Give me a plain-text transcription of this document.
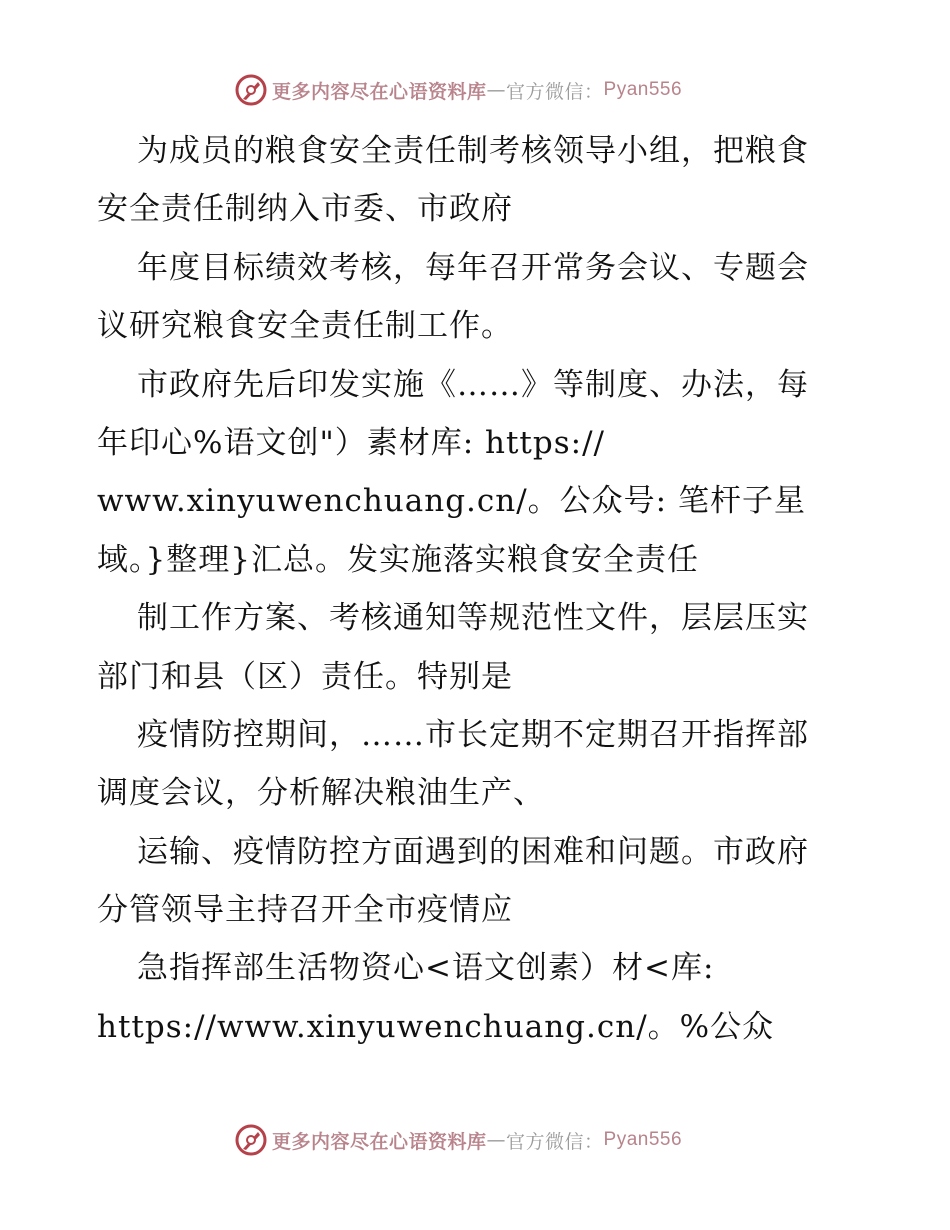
更多内容尽在心语资料库 — 官方微信： Pyan556
为成员的粮食安全责任制考核领导小组，把粮食
安全责任制纳入市委、市政府
年度目标绩效考核，每年召开常务会议、专题会
议研究粮食安全责任制工作。
市政府先后印发实施《……》等制度、办法，每
年印心%语文创"）素材库: https://
www.xinyuwenchuang.cn/。公众号: 笔杆子星
域。}整理}汇总。发实施落实粮食安全责任
制工作方案、考核通知等规范性文件，层层压实
部门和县（区）责任。特别是
疫情防控期间，……市长定期不定期召开指挥部
调度会议，分析解决粮油生产、
运输、疫情防控方面遇到的困难和问题。市政府
分管领导主持召开全市疫情应
急指挥部生活物资心<语文创素）材<库:
https://www.xinyuwenchuang.cn/。%公众
更多内容尽在心语资料库 — 官方微信： Pyan556
